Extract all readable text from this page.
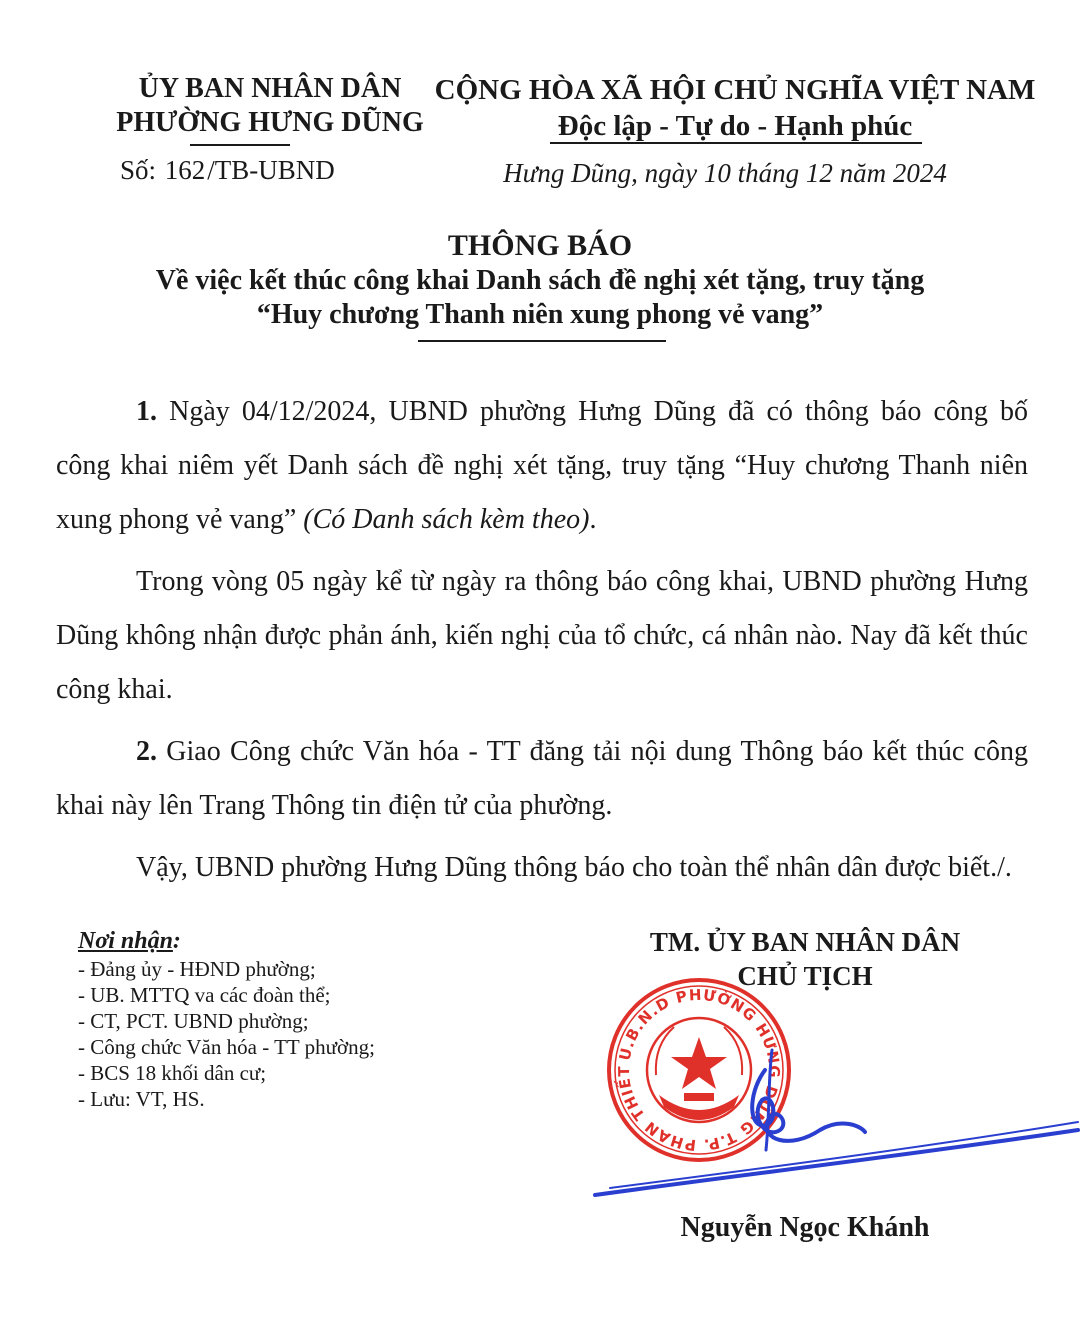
ỦY BAN NHÂN DÂN
PHƯỜNG HƯNG DŨNG
Số: 162/TB-UBND
CỘNG HÒA XÃ HỘI CHỦ NGHĨA VIỆT NAM
Độc lập - Tự do - Hạnh phúc
Hưng Dũng, ngày 10 tháng 12 năm 2024
THÔNG BÁO
Về việc kết thúc công khai Danh sách đề nghị xét tặng, truy tặng
“Huy chương Thanh niên xung phong vẻ vang”

1. Ngày 04/12/2024, UBND phường Hưng Dũng đã có thông báo công bố công khai niêm yết Danh sách đề nghị xét tặng, truy tặng “Huy chương Thanh niên xung phong vẻ vang” (Có Danh sách kèm theo).

Trong vòng 05 ngày kể từ ngày ra thông báo công khai, UBND phường Hưng Dũng không nhận được phản ánh, kiến nghị của tổ chức, cá nhân nào. Nay đã kết thúc công khai.

2. Giao Công chức Văn hóa - TT đăng tải nội dung Thông báo kết thúc công khai này lên Trang Thông tin điện tử của phường.

Vậy, UBND phường Hưng Dũng thông báo cho toàn thể nhân dân được biết./.

Nơi nhận:
- Đảng ủy - HĐND phường;
- UB. MTTQ va các đoàn thể;
- CT, PCT. UBND phường;
- Công chức Văn hóa - TT phường;
- BCS 18 khối dân cư;
- Lưu: VT, HS.
TM. ỦY BAN NHÂN DÂN
CHỦ TỊCH
U.B.N.D PHƯỜNG HƯNG DŨNG T.P. PHAN THIẾT
Nguyễn Ngọc Khánh
